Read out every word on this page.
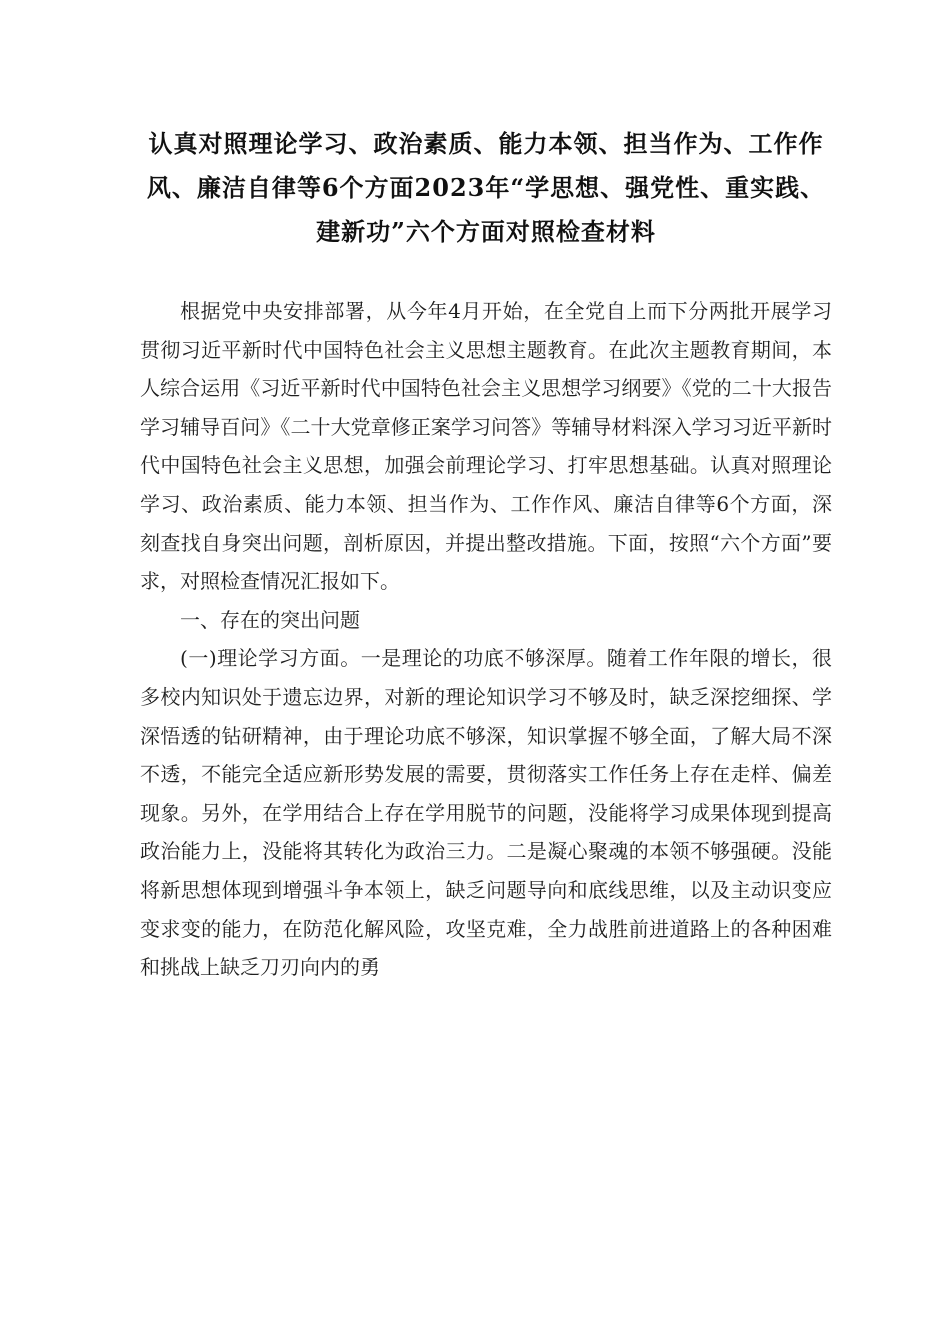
认真对照理论学习、政治素质、能力本领、担当作为、工作作风、廉洁自律等6个方面2023年“学思想、强党性、重实践、建新功”六个方面对照检查材料

根据党中央安排部署，从今年4月开始，在全党自上而下分两批开展学习贯彻习近平新时代中国特色社会主义思想主题教育。在此次主题教育期间，本人综合运用《习近平新时代中国特色社会主义思想学习纲要》《党的二十大报告学习辅导百问》《二十大党章修正案学习问答》等辅导材料深入学习习近平新时代中国特色社会主义思想，加强会前理论学习、打牢思想基础。认真对照理论学习、政治素质、能力本领、担当作为、工作作风、廉洁自律等6个方面，深刻查找自身突出问题，剖析原因，并提出整改措施。下面，按照“六个方面”要求，对照检查情况汇报如下。

一、存在的突出问题

(一)理论学习方面。一是理论的功底不够深厚。随着工作年限的增长，很多校内知识处于遗忘边界，对新的理论知识学习不够及时，缺乏深挖细探、学深悟透的钻研精神，由于理论功底不够深，知识掌握不够全面，了解大局不深不透，不能完全适应新形势发展的需要，贯彻落实工作任务上存在走样、偏差现象。另外，在学用结合上存在学用脱节的问题，没能将学习成果体现到提高政治能力上，没能将其转化为政治三力。二是凝心聚魂的本领不够强硬。没能将新思想体现到增强斗争本领上，缺乏问题导向和底线思维，以及主动识变应变求变的能力，在防范化解风险，攻坚克难，全力战胜前进道路上的各种困难和挑战上缺乏刀刃向内的勇
